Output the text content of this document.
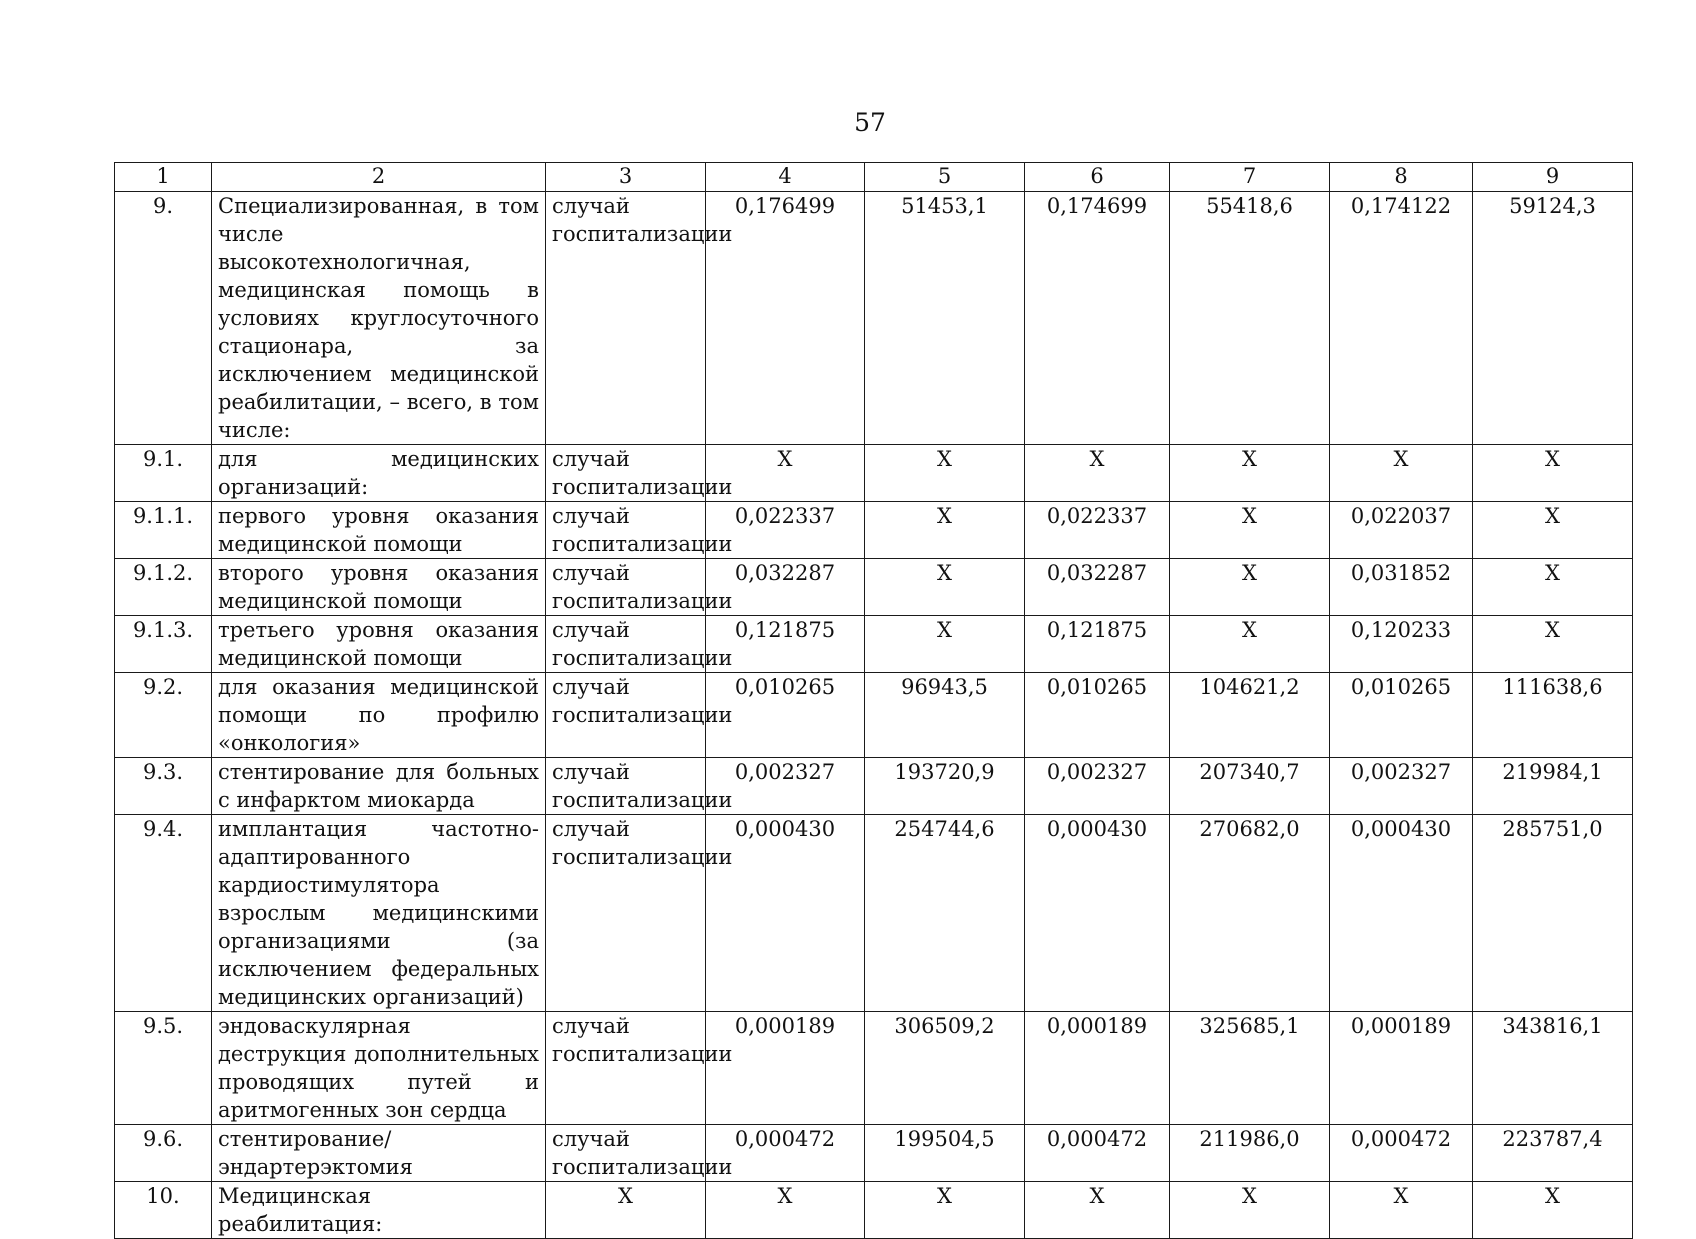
57
1	2	3	4	5	6	7	8	9
9.	Специализированная, в том числе высокотехнологичная, медицинская помощь в условиях круглосуточного стационара, за исключением медицинской реабилитации, – всего, в том числе:	случай госпитализации	0,176499	51453,1	0,174699	55418,6	0,174122	59124,3
9.1.	для медицинских организаций:	случай госпитализации	Х	Х	Х	Х	Х	Х
9.1.1.	первого уровня оказания медицинской помощи	случай госпитализации	0,022337	Х	0,022337	Х	0,022037	Х
9.1.2.	второго уровня оказания медицинской помощи	случай госпитализации	0,032287	Х	0,032287	Х	0,031852	Х
9.1.3.	третьего уровня оказания медицинской помощи	случай госпитализации	0,121875	Х	0,121875	Х	0,120233	Х
9.2.	для оказания медицинской помощи по профилю «онкология»	случай госпитализации	0,010265	96943,5	0,010265	104621,2	0,010265	111638,6
9.3.	стентирование для больных с инфарктом миокарда	случай госпитализации	0,002327	193720,9	0,002327	207340,7	0,002327	219984,1
9.4.	имплантация частотно-адаптированного кардиостимулятора взрослым медицинскими организациями (за исключением федеральных медицинских организаций)	случай госпитализации	0,000430	254744,6	0,000430	270682,0	0,000430	285751,0
9.5.	эндоваскулярная деструкция дополнительных проводящих путей и аритмогенных зон сердца	случай госпитализации	0,000189	306509,2	0,000189	325685,1	0,000189	343816,1
9.6.	стентирование/эндартерэктомия	случай госпитализации	0,000472	199504,5	0,000472	211986,0	0,000472	223787,4
10.	Медицинская реабилитация:	Х	Х	Х	Х	Х	Х	Х
